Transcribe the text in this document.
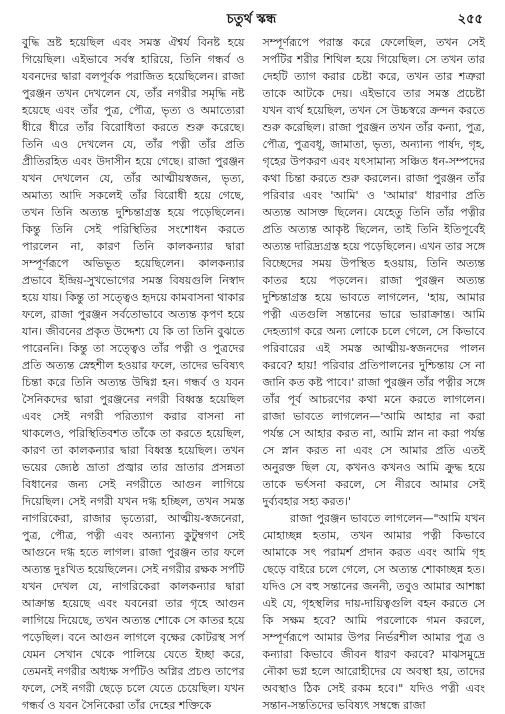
চতুর্থ স্কন্ধ	২৫৫

বুদ্ধি ভ্রষ্ট হয়েছিল এবং সমস্ত ঐশ্বর্য বিনষ্ট হয়ে গিয়েছিল। এইভাবে সর্বস্ব হারিয়ে, তিনি গন্ধর্ব ও যবনদের দ্বারা বলপূর্বক পরাজিত হয়েছিলেন। রাজা পুরঞ্জন তখন দেখলেন যে, তাঁর নগরীর সমৃদ্ধি নষ্ট হয়েছে এবং তাঁর পুত্র, পৌত্র, ভৃত্য ও অমাত্যেরা ধীরে ধীরে তাঁর বিরোধিতা করতে শুরু করেছে। তিনি এও দেখলেন যে, তাঁর পত্নী তাঁর প্রতি প্রীতিরহিত এবং উদাসীন হয়ে গেছে। রাজা পুরঞ্জন যখন দেখলেন যে, তাঁর আত্মীয়স্বজন, ভৃত্য, অমাত্য আদি সকলেই তাঁর বিরোধী হয়ে গেছে, তখন তিনি অত্যন্ত দুশ্চিন্তাগ্রস্ত হয়ে পড়েছিলেন। কিন্তু তিনি সেই পরিস্থিতির সংশোধন করতে পারলেন না, কারণ তিনি কালকন্যার দ্বারা সম্পূর্ণরূপে অভিভূত হয়েছিলেন। কালকন্যার প্রভাবে ইন্দ্রিয়-সুখভোগের সমস্ত বিষয়গুলি নিস্বাদ হয়ে যায়। কিন্তু তা সত্ত্বেও হৃদয়ে কামবাসনা থাকার ফলে, রাজা পুরঞ্জন সর্বতোভাবে অত্যন্ত কৃপণ হয়ে যান। জীবনের প্রকৃত উদ্দেশ্য যে কি তা তিনি বুঝতে পারেননি। কিন্তু তা সত্ত্বেও তাঁর পত্নী ও পুত্রদের প্রতি অত্যন্ত স্নেহশীল হওয়ার ফলে, তাদের ভবিষ্যৎ চিন্তা করে তিনি অত্যন্ত উদ্বিগ্ন হন। গন্ধর্ব ও যবন সৈনিকদের দ্বারা পুরঞ্জনের নগরী বিধ্বস্ত হয়েছিল এবং সেই নগরী পরিত্যাগ করার বাসনা না থাকলেও, পরিস্থিতিবশত তাঁকে তা করতে হয়েছিল, কারণ তা কালকন্যার দ্বারা বিধ্বস্ত হয়েছিল। তখন ভয়ের জ্যেষ্ঠ ভ্রাতা প্রজ্বার তার ভ্রাতার প্রসন্নতা বিধানের জন্য সেই নগরীতে আগুন লাগিয়ে দিয়েছিল। সেই নগরী যখন দগ্ধ হচ্ছিল, তখন সমস্ত নাগরিকেরা, রাজার ভৃত্যেরা, আত্মীয়-স্বজনেরা, পুত্র, পৌত্র, পত্নী এবং অন্যান্য কুটুম্বগণ সেই আগুনে দগ্ধ হতে লাগল। রাজা পুরঞ্জন তার ফলে অত্যন্ত দুঃখিত হয়েছিলেন। সেই নগরীর রক্ষক সর্পটি যখন দেখল যে, নাগরিকেরা কালকন্যার দ্বারা আক্রান্ত হয়েছে এবং যবনেরা তার গৃহে আগুন লাগিয়ে দিয়েছে, তখন অত্যন্ত শোকে সে কাতর হয়ে পড়েছিল। বনে আগুন লাগলে বৃক্ষের কোটরস্থ সর্প যেমন সেখান থেকে পালিয়ে যেতে ইচ্ছা করে, তেমনই নগরীর অধ্যক্ষ সর্পটিও অগ্নির প্রচণ্ড তাপের ফলে, সেই নগরী ছেড়ে চলে যেতে চেয়েছিল। যখন গন্ধর্ব ও যবন সৈনিকেরা তাঁর দেহের শক্তিকে

সম্পূর্ণরূপে পরাস্ত করে ফেলেছিল, তখন সেই সর্পটির শরীর শিথিল হয়ে গিয়েছিল। সে তখন তার দেহটি ত্যাগ করার চেষ্টা করে, তখন তার শত্রুরা তাকে আটকে দেয়। এইভাবে তার সমস্ত প্রচেষ্টা যখন ব্যর্থ হয়েছিল, তখন সে উচ্চস্বরে ক্রন্দন করতে শুরু করেছিল। রাজা পুরঞ্জন তখন তাঁর কন্যা, পুত্র, পৌত্র, পুত্রবধূ, জামাতা, ভৃত্য, অন্যান্য পার্ষদ, গৃহ, গৃহের উপকরণ এবং যৎসামান্য সঞ্চিত ধন-সম্পদের কথা চিন্তা করতে শুরু করলেন। রাজা পুরঞ্জন তাঁর পরিবার এবং 'আমি' ও 'আমার' ধারণার প্রতি অত্যন্ত আসক্ত ছিলেন। যেহেতু তিনি তাঁর পত্নীর প্রতি অত্যন্ত আকৃষ্ট ছিলেন, তাই তিনি ইতিপূর্বেই অত্যন্ত দারিদ্র্যগ্রস্ত হয়ে পড়েছিলেন। এখন তার সঙ্গে বিচ্ছেদের সময় উপস্থিত হওয়ায়, তিনি অত্যন্ত কাতর হয়ে পড়লেন। রাজা পুরঞ্জন অত্যন্ত দুশ্চিন্তাগ্রস্ত হয়ে ভাবতে লাগলেন, 'হায়, আমার পত্নী এতগুলি সন্তানের ভারে ভারাক্রান্ত। আমি দেহত্যাগ করে অন্য লোকে চলে গেলে, সে কিভাবে পরিবারের এই সমস্ত আত্মীয়-স্বজনদের পালন করবে? হায়! পরিবার প্রতিপালনের দুশ্চিন্তায় সে না জানি কত কষ্ট পাবে।' রাজা পুরঞ্জন তাঁর পত্নীর সঙ্গে তাঁর পূর্ব আচরণের কথা মনে করতে লাগলেন। রাজা ভাবতে লাগলেন—'আমি আহার না করা পর্যন্ত সে আহার করত না, আমি স্নান না করা পর্যন্ত সে স্নান করত না এবং সে আমার প্রতি এতই অনুরক্ত ছিল যে, কখনও কখনও আমি ক্রুদ্ধ হয়ে তাকে ভর্ৎসনা করলে, সে নীরবে আমার সেই দুর্ব্যবহার সহ্য করত।'

রাজা পুরঞ্জন ভাবতে লাগলেন—"আমি যখন মোহাচ্ছন্ন হতাম, তখন আমার পত্নী কিভাবে আমাকে সৎ পরামর্শ প্রদান করত এবং আমি গৃহ ছেড়ে বাইরে চলে গেলে, সে অত্যন্ত শোকাচ্ছন্ন হত। যদিও সে বহু সন্তানের জননী, তবুও আমার আশঙ্কা এই যে, গৃহস্থলির দায়-দায়িত্বগুলি বহন করতে সে কি সক্ষম হবে? আমি পরলোকে গমন করলে, সম্পূর্ণরূপে আমার উপর নির্ভরশীল আমার পুত্র ও কন্যারা কিভাবে জীবন ধারণ করবে? মাঝসমুদ্রে নৌকা ভগ্ন হলে আরোহীদের যে অবস্থা হয়, তাদের অবস্থাও ঠিক সেই রকম হবে।" যদিও পত্নী এবং সন্তান-সন্ততিদের ভবিষ্যৎ সম্বন্ধে রাজা
